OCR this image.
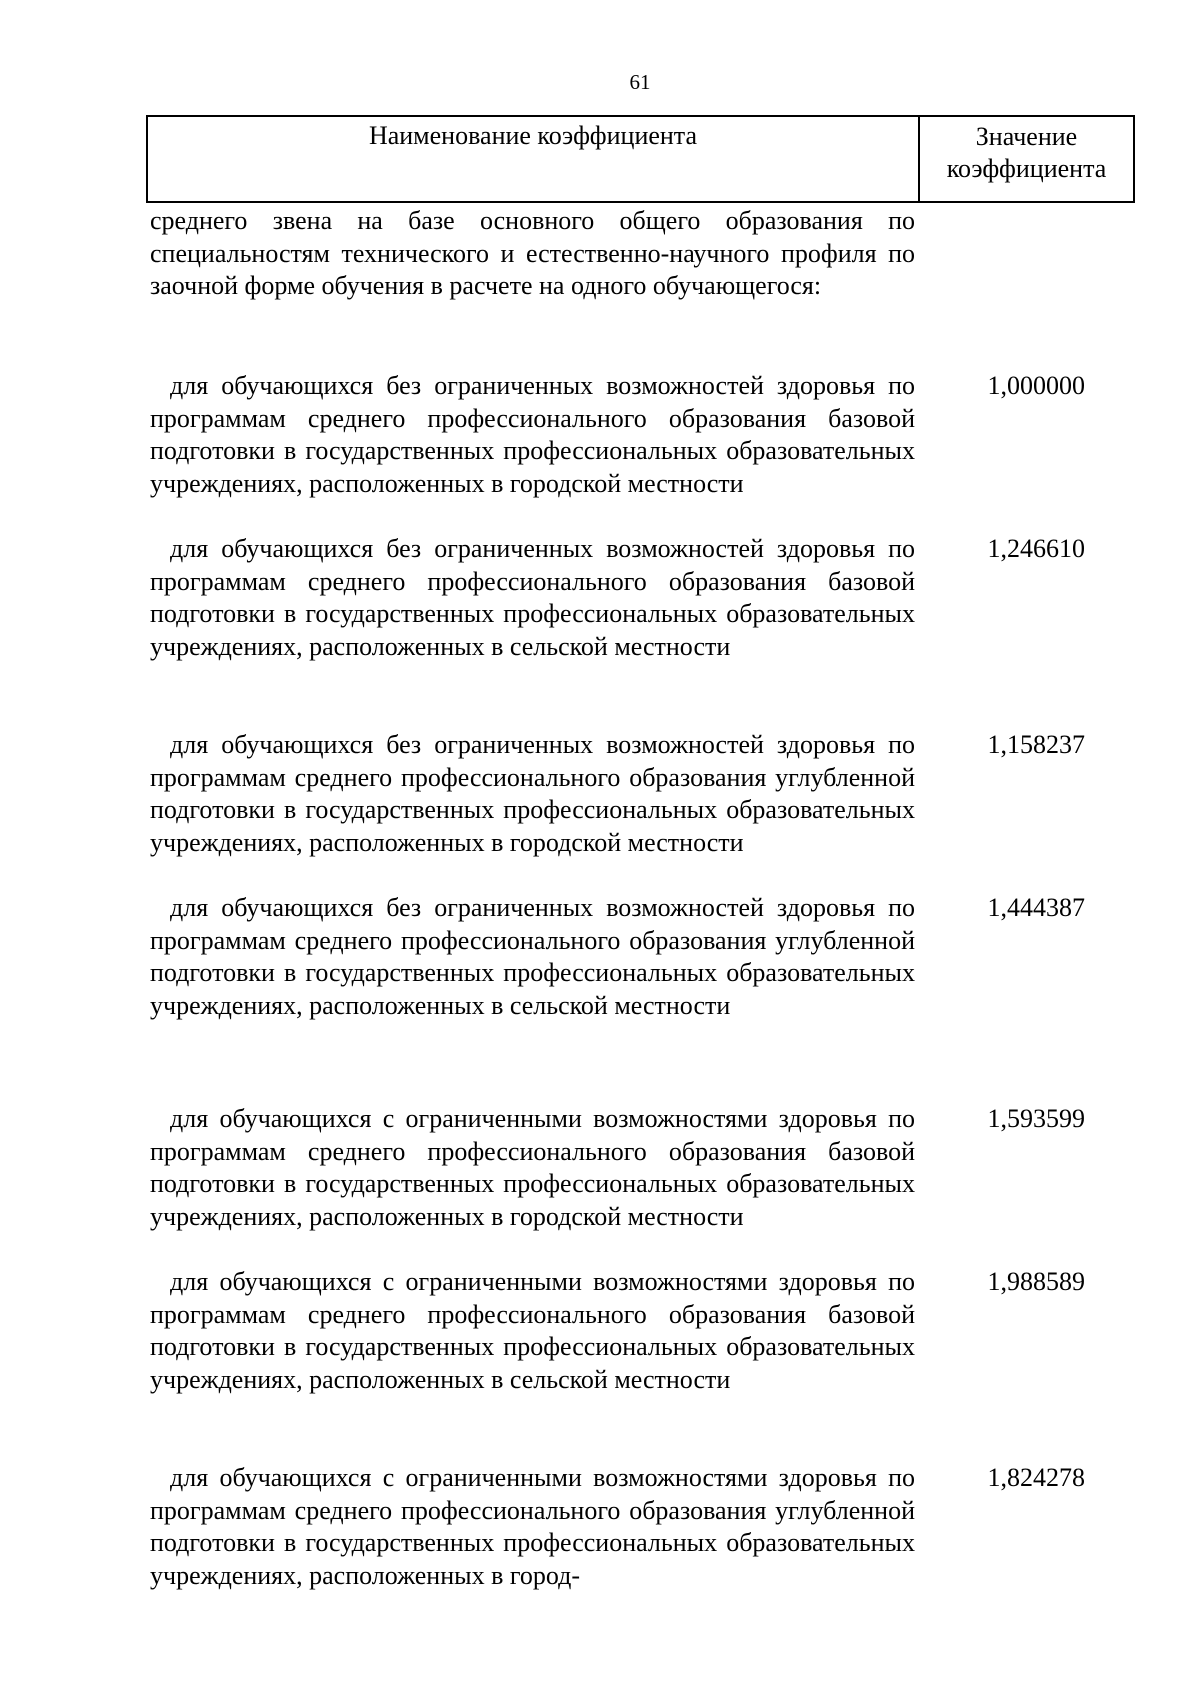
61
Наименование коэффициента	Значение
коэффициента

среднего звена на базе основного общего образования по специальностям технического и естественно-научного профиля по заочной форме обучения в расчете на одного обучающегося:

для обучающихся без ограниченных возможностей здоровья по программам среднего профессионального образования базовой подготовки в государственных профессиональных образовательных учреждениях, расположенных в городской местности

1,000000

для обучающихся без ограниченных возможностей здоровья по программам среднего профессионального образования базовой подготовки в государственных профессиональных образовательных учреждениях, расположенных в сельской местности

1,246610

для обучающихся без ограниченных возможностей здоровья по программам среднего профессионального образования углубленной подготовки в государственных профессиональных образовательных учреждениях, расположенных в городской местности

1,158237

для обучающихся без ограниченных возможностей здоровья по программам среднего профессионального образования углубленной подготовки в государственных профессиональных образовательных учреждениях, расположенных в сельской местности

1,444387

для обучающихся с ограниченными возможностями здоровья по программам среднего профессионального образования базовой подготовки в государственных профессиональных образовательных учреждениях, расположенных в городской местности

1,593599

для обучающихся с ограниченными возможностями здоровья по программам среднего профессионального образования базовой подготовки в государственных профессиональных образовательных учреждениях, расположенных в сельской местности

1,988589

для обучающихся с ограниченными возможностями здоровья по программам среднего профессионального образования углубленной подготовки в государственных профессиональных образовательных учреждениях, расположенных в город-

1,824278
